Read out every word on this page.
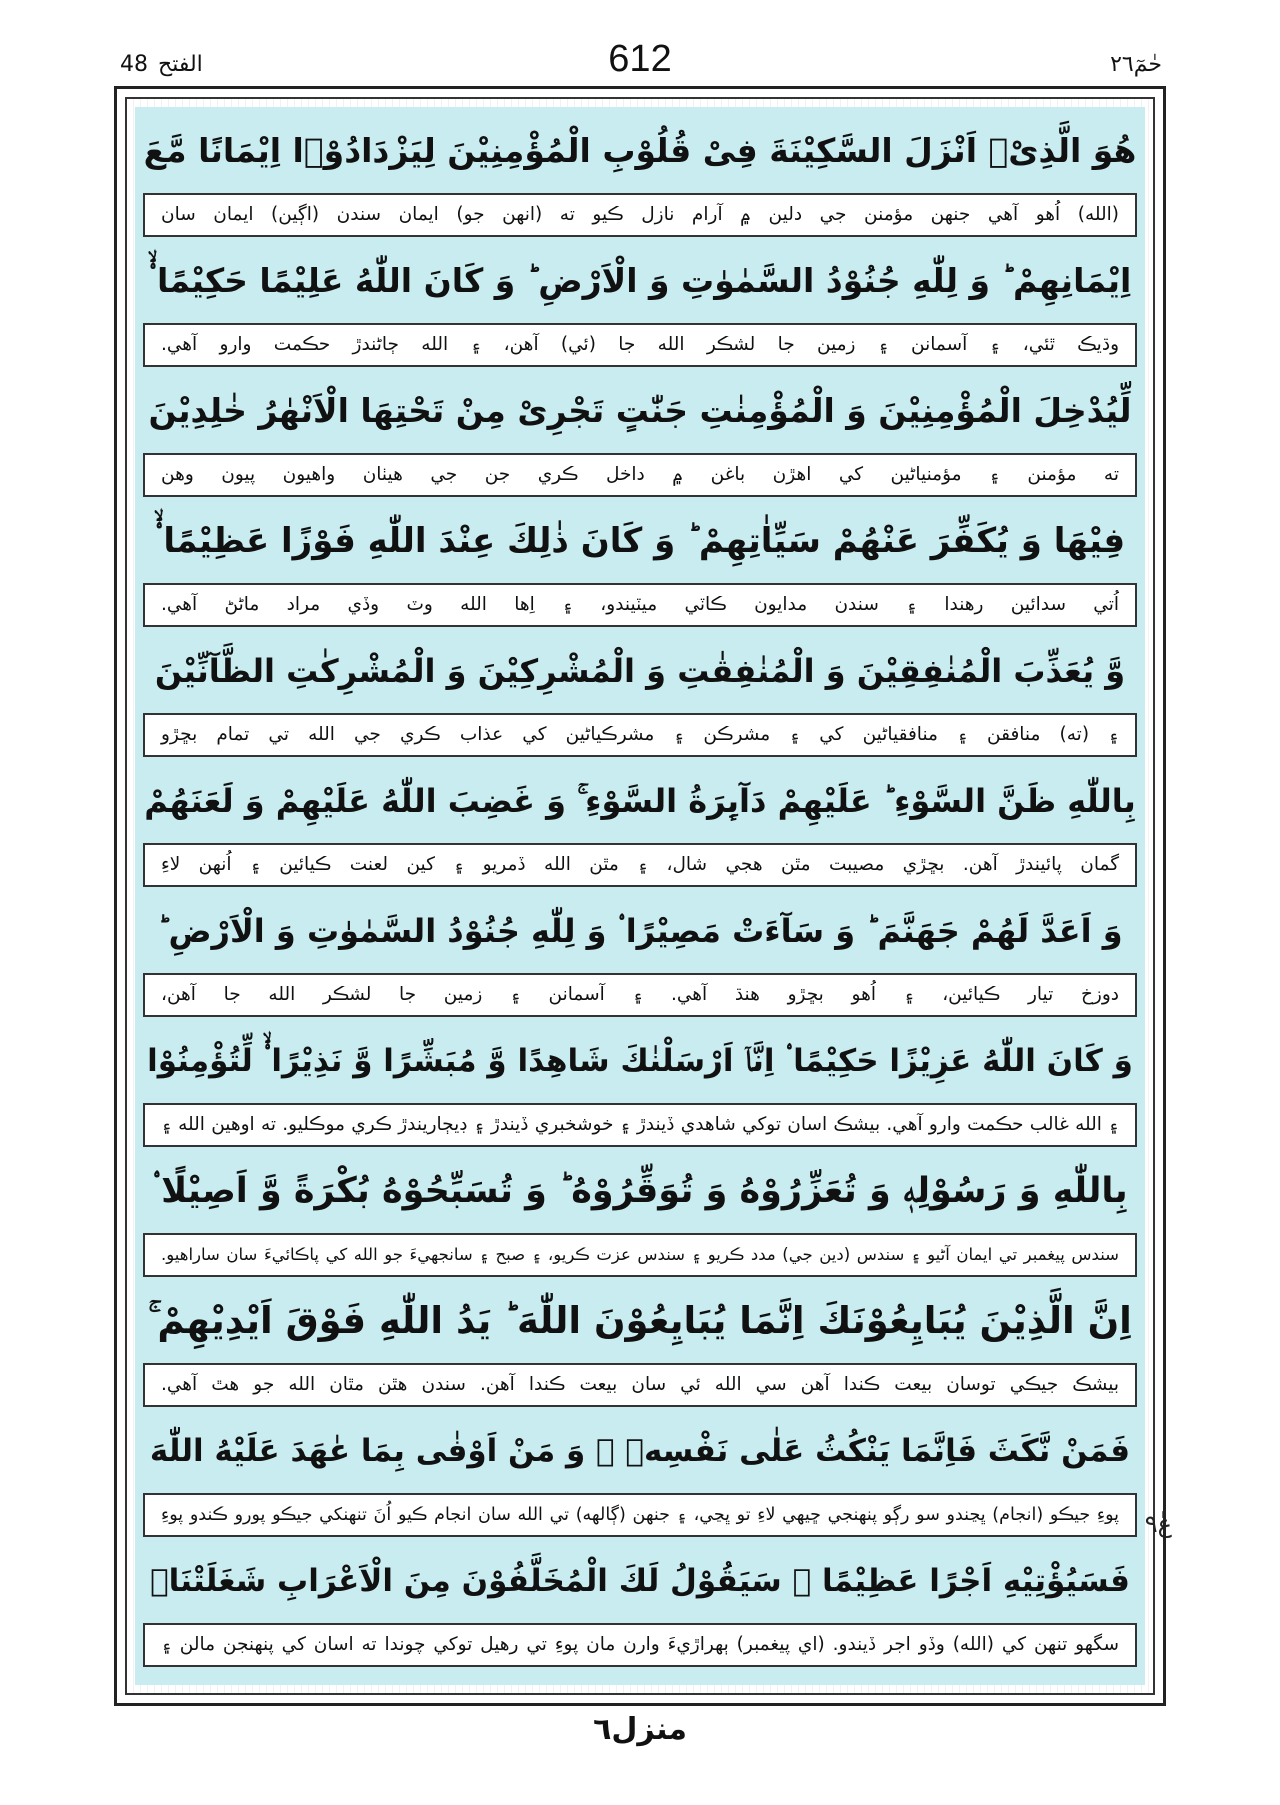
48 الفتح	612	حٰمٓ٢٦
هُوَ الَّذِیْۤ اَنْزَلَ السَّكِیْنَةَ فِیْ قُلُوْبِ الْمُؤْمِنِیْنَ لِیَزْدَادُوْۤا اِیْمَانًا مَّعَ
(الله) اُهو آهي جنهن مؤمنن جي دلين ۾ آرام نازل ڪيو ته (انهن جو) ايمان سندن (اڳين) ايمان سان
اِیْمَانِهِمْ ؕ وَ لِلّٰهِ جُنُوْدُ السَّمٰوٰتِ وَ الْاَرْضِ ؕ وَ كَانَ اللّٰهُ عَلِیْمًا حَكِیْمًا ۟ۙ
وڌيڪ ٿئي، ۽ آسمانن ۽ زمين جا لشڪر الله جا (ئي) آهن، ۽ الله ڄاڻندڙ حڪمت وارو آهي.
لِّیُدْخِلَ الْمُؤْمِنِیْنَ وَ الْمُؤْمِنٰتِ جَنّٰتٍ تَجْرِیْ مِنْ تَحْتِهَا الْاَنْهٰرُ خٰلِدِیْنَ
ته مؤمنن ۽ مؤمنياڻين کي اهڙن باغن ۾ داخل ڪري جن جي هيٺان واهيون پيون وهن
فِیْهَا وَ یُكَفِّرَ عَنْهُمْ سَیِّاٰتِهِمْ ؕ وَ كَانَ ذٰلِكَ عِنْدَ اللّٰهِ فَوْزًا عَظِیْمًا ۟ۙ
اُتي سدائين رهندا ۽ سندن مدايون ڪاٽي ميٽيندو، ۽ اِها الله وٽ وڏي مراد ماڻڻ آهي.
وَّ یُعَذِّبَ الْمُنٰفِقِیْنَ وَ الْمُنٰفِقٰتِ وَ الْمُشْرِكِیْنَ وَ الْمُشْرِكٰتِ الظَّآنِّیْنَ
۽ (ته) منافقن ۽ منافقياڻين کي ۽ مشرڪن ۽ مشرڪياڻين کي عذاب ڪري جي الله تي تمام بڇڙو
بِاللّٰهِ ظَنَّ السَّوْءِ ؕ عَلَیْهِمْ دَآىِٕرَةُ السَّوْءِ ۚ وَ غَضِبَ اللّٰهُ عَلَیْهِمْ وَ لَعَنَهُمْ
گمان پائيندڙ آهن. بڇڙي مصيبت مٿن هجي شال، ۽ مٿن الله ڏمريو ۽ کين لعنت ڪيائين ۽ اُنهن لاءِ
وَ اَعَدَّ لَهُمْ جَهَنَّمَ ؕ وَ سَآءَتْ مَصِیْرًا ۟ وَ لِلّٰهِ جُنُوْدُ السَّمٰوٰتِ وَ الْاَرْضِ ؕ
دوزخ تيار ڪيائين، ۽ اُهو بڇڙو هنڌ آهي. ۽ آسمانن ۽ زمين جا لشڪر الله جا آهن،
وَ كَانَ اللّٰهُ عَزِیْزًا حَكِیْمًا ۟ اِنَّاۤ اَرْسَلْنٰكَ شَاهِدًا وَّ مُبَشِّرًا وَّ نَذِیْرًا ۟ۙ لِّتُؤْمِنُوْا
۽ الله غالب حڪمت وارو آهي. بيشڪ اسان توکي شاهدي ڏيندڙ ۽ خوشخبري ڏيندڙ ۽ ڊيڄاريندڙ ڪري موڪليو. ته اوهين الله ۽
بِاللّٰهِ وَ رَسُوْلِهٖ وَ تُعَزِّرُوْهُ وَ تُوَقِّرُوْهُ ؕ وَ تُسَبِّحُوْهُ بُكْرَةً وَّ اَصِیْلًا ۟
سندس پيغمبر تي ايمان آڻيو ۽ سندس (دين جي) مدد ڪريو ۽ سندس عزت ڪريو، ۽ صبح ۽ سانجهيءَ جو الله کي پاڪائيءَ سان ساراهيو.
اِنَّ الَّذِیْنَ یُبَایِعُوْنَكَ اِنَّمَا یُبَایِعُوْنَ اللّٰهَ ؕ یَدُ اللّٰهِ فَوْقَ اَیْدِیْهِمْ ۚ
بيشڪ جيڪي توسان بيعت ڪندا آهن سي الله ئي سان بيعت ڪندا آهن. سندن هٿن مٿان الله جو هٿ آهي.
فَمَنْ نَّكَثَ فَاِنَّمَا یَنْكُثُ عَلٰی نَفْسِهٖ ۚ وَ مَنْ اَوْفٰی بِمَا عٰهَدَ عَلَیْهُ اللّٰهَ
پوءِ جيڪو (انجام) ڀڃندو سو رڳو پنهنجي ڇيهي لاءِ تو ڀڃي، ۽ جنهن (ڳالهه) تي الله سان انجام ڪيو اُنَ تنهنکي جيڪو پورو ڪندو پوءِ
فَسَیُؤْتِیْهِ اَجْرًا عَظِیْمًا ۟ سَیَقُوْلُ لَكَ الْمُخَلَّفُوْنَ مِنَ الْاَعْرَابِ شَغَلَتْنَاۤ
سگهو تنهن کي (الله) وڏو اجر ڏيندو. (اي پيغمبر) ٻهراڙيءَ وارن مان پوءِ تي رهيل توکي چوندا ته اسان کي پنهنجن مالن ۽
عٰ٩
منزل٦
